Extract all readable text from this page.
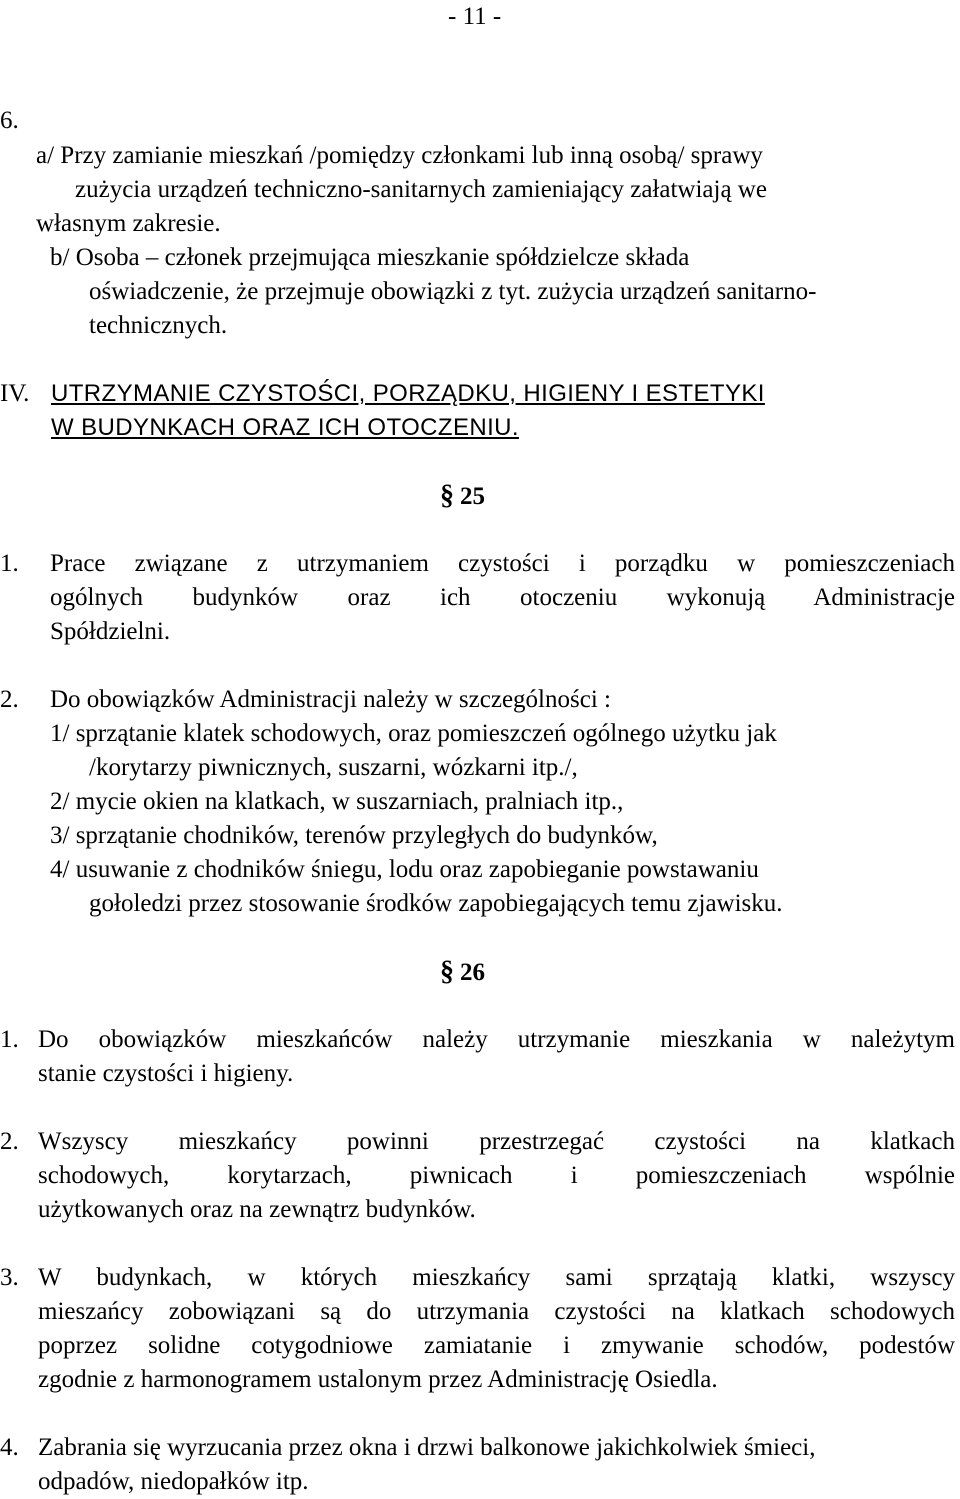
- 11 -
6.
a/ Przy zamianie mieszkań /pomiędzy członkami lub inną osobą/ sprawy
zużycia urządzeń techniczno-sanitarnych zamieniający załatwiają we
własnym zakresie.
b/ Osoba – członek przejmująca mieszkanie spółdzielcze składa
oświadczenie, że przejmuje obowiązki z tyt. zużycia urządzeń sanitarno-
technicznych.
IV. UTRZYMANIE CZYSTOŚCI, PORZĄDKU, HIGIENY I ESTETYKI
W BUDYNKACH ORAZ ICH OTOCZENIU.
§ 25
1. Prace związane z utrzymaniem czystości i porządku w pomieszczeniach
ogólnych budynków oraz ich otoczeniu wykonują Administracje
Spółdzielni.
2. Do obowiązków Administracji należy w szczególności :
1/ sprzątanie klatek schodowych, oraz pomieszczeń ogólnego użytku jak
/korytarzy piwnicznych, suszarni, wózkarni itp./,
2/ mycie okien na klatkach, w suszarniach, pralniach itp.,
3/ sprzątanie chodników, terenów przyległych do budynków,
4/ usuwanie z chodników śniegu, lodu oraz zapobieganie powstawaniu
gołoledzi przez stosowanie środków zapobiegających temu zjawisku.
§ 26
1. Do obowiązków mieszkańców należy utrzymanie mieszkania w należytym
stanie czystości i higieny.
2. Wszyscy mieszkańcy powinni przestrzegać czystości na klatkach
schodowych, korytarzach, piwnicach i pomieszczeniach wspólnie
użytkowanych oraz na zewnątrz budynków.
3. W budynkach, w których mieszkańcy sami sprzątają klatki, wszyscy
mieszańcy zobowiązani są do utrzymania czystości na klatkach schodowych
poprzez solidne cotygodniowe zamiatanie i zmywanie schodów, podestów
zgodnie z harmonogramem ustalonym przez Administrację Osiedla.
4. Zabrania się wyrzucania przez okna i drzwi balkonowe jakichkolwiek śmieci,
odpadów, niedopałków itp.
